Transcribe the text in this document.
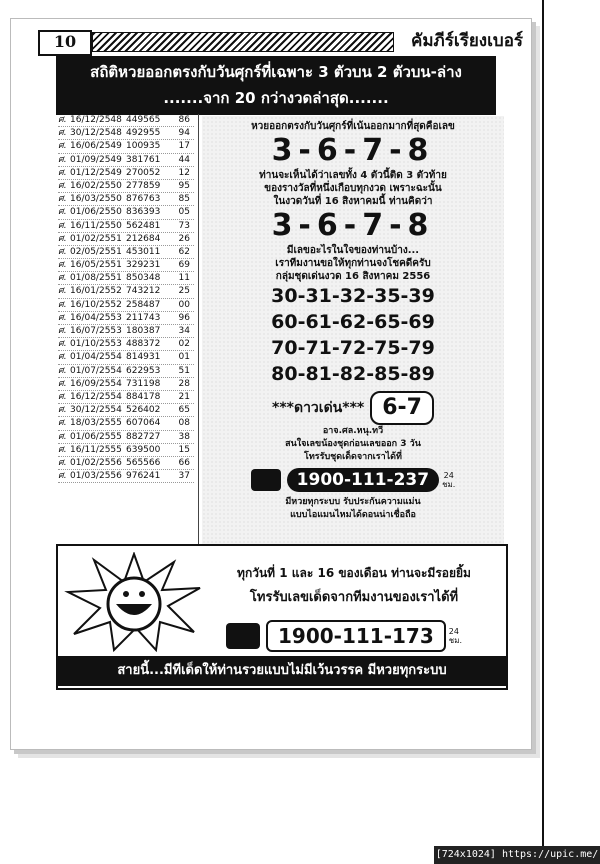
10	คัมภีร์เรียงเบอร์
สถิติหวยออกตรงกับวันศุกร์ที่เฉพาะ 3 ตัวบน 2 ตัวบน-ล่าง
.......จาก 20 กว่างวดล่าสุด.......
ศ. 16/12/2548 449565	86
ศ. 30/12/2548 492955	94
ศ. 16/06/2549 100935	17
ศ. 01/09/2549 381761	44
ศ. 01/12/2549 270052	12
ศ. 16/02/2550 277859	95
ศ. 16/03/2550 876763	85
ศ. 01/06/2550 836393	05
ศ. 16/11/2550 562481	73
ศ. 01/02/2551 212684	26
ศ. 02/05/2551 453011	62
ศ. 16/05/2551 329231	69
ศ. 01/08/2551 850348	11
ศ. 16/01/2552 743212	25
ศ. 16/10/2552 258487	00
ศ. 16/04/2553 211743	96
ศ. 16/07/2553 180387	34
ศ. 01/10/2553 488372	02
ศ. 01/04/2554 814931	01
ศ. 01/07/2554 622953	51
ศ. 16/09/2554 731198	28
ศ. 16/12/2554 884178	21
ศ. 30/12/2554 526402	65
ศ. 18/03/2555 607064	08
ศ. 01/06/2555 882727	38
ศ. 16/11/2555 639500	15
ศ. 01/02/2556 565566	66
ศ. 01/03/2556 976241	37
หวยออกตรงกับวันศุกร์ที่เน้นออกมากที่สุดคือเลข
3-6-7-8
ท่านจะเห็นได้ว่าเลขทั้ง 4 ตัวนี้ติด 3 ตัวท้าย
ของรางวัลที่หนึ่งเกือบทุกงวด เพราะฉะนั้น
ในงวดวันที่ 16 สิงหาคมนี้ ท่านคิดว่า
3-6-7-8
มีเลขอะไรในใจของท่านบ้าง...
เราทีมงานขอให้ทุกท่านจงโชคดีครับ
กลุ่มชุดเด่นงวด 16 สิงหาคม 2556
30-31-32-35-39
60-61-62-65-69
70-71-72-75-79
80-81-82-85-89
***ดาวเด่น*** 6-7
อาจ.ศล.หนุ.ทวี
สนใจเลขน้องชุดก่อนเลขออก 3 วัน
โทรรับชุดเด็ดจากเราได้ที่
1900-111-237	24
ชม.
มีหวยทุกระบบ รับประกันความแม่น
แบบไอแมนไหมได้ดอนน่าเชื่อถือ
ทุกวันที่ 1 และ 16 ของเดือน ท่านจะมีรอยยิ้ม
โทรรับเลขเด็ดจากทีมงานของเราได้ที่
1900-111-173	24
ชม.
สายนี้...มีทีเด็ดให้ท่านรวยแบบไม่มีเว้นวรรค มีหวยทุกระบบ
[724x1024] https://upic.me/
